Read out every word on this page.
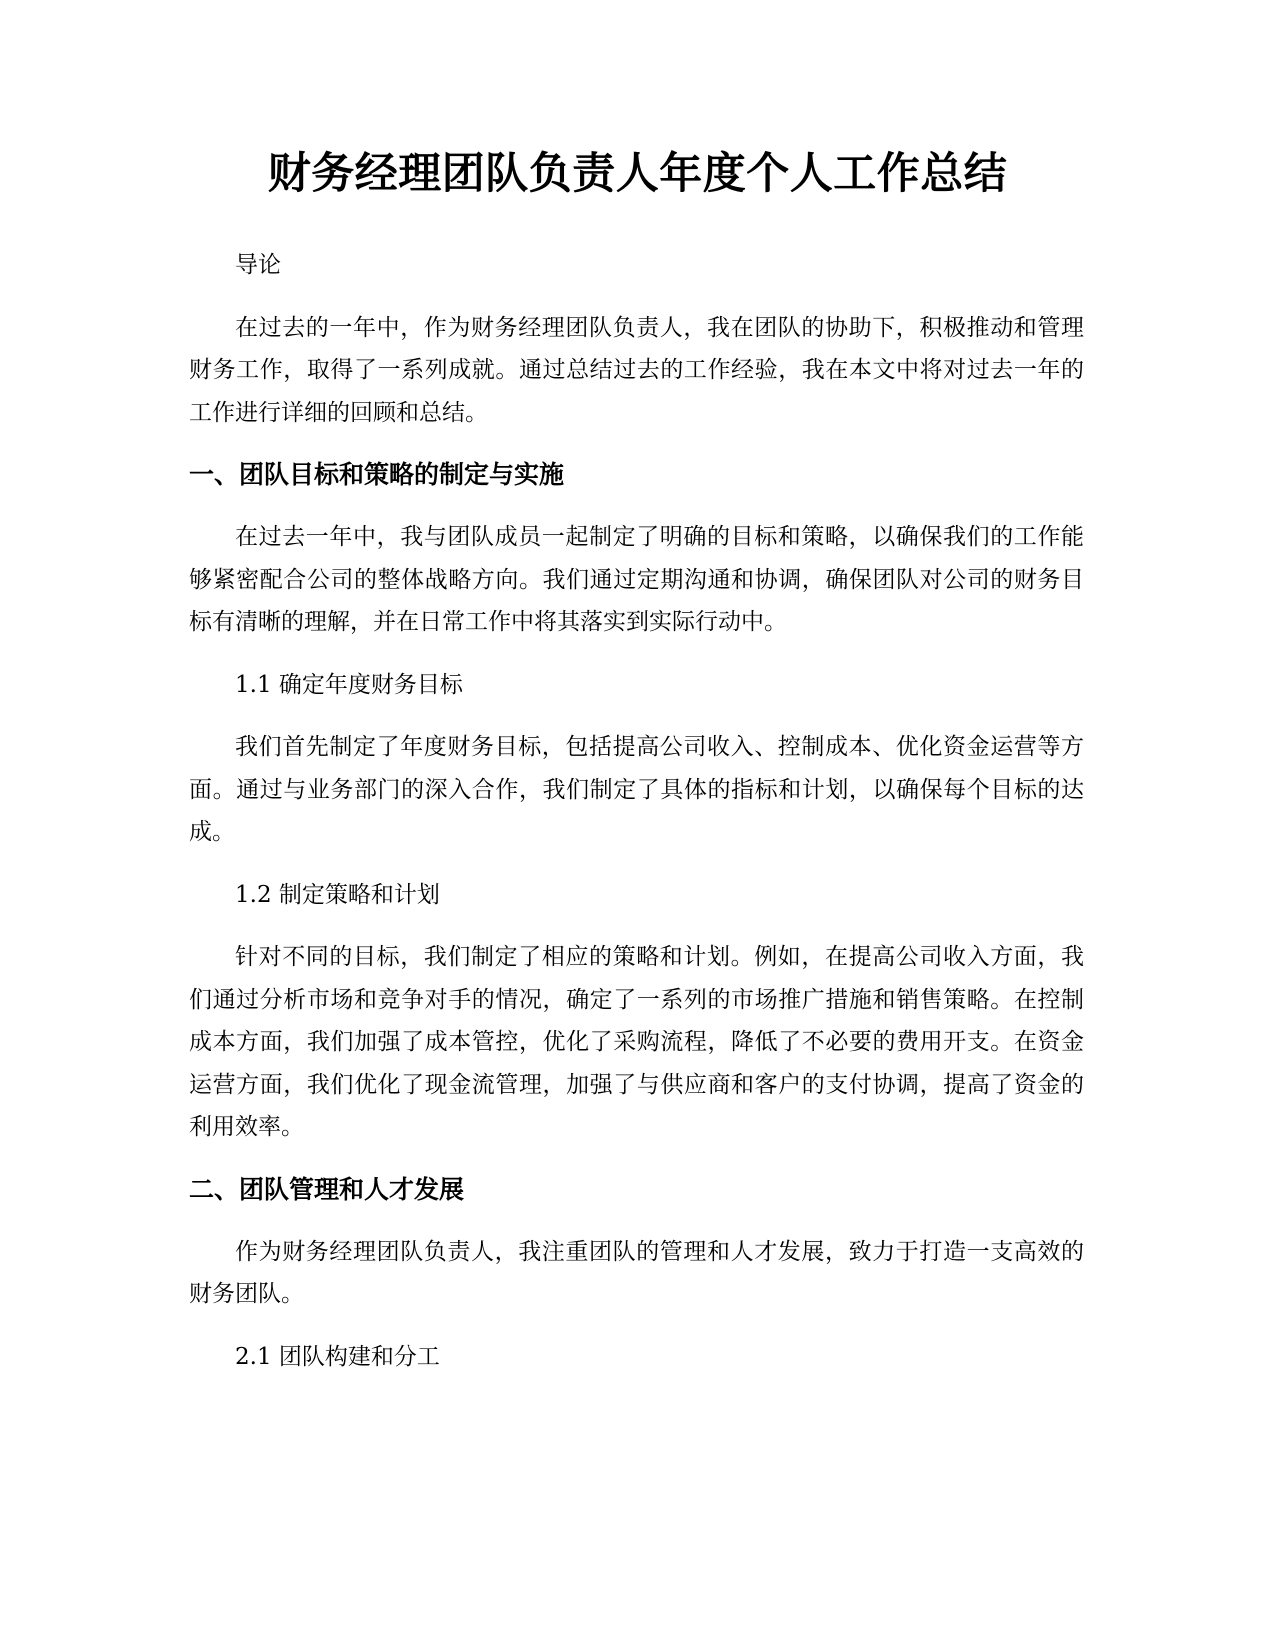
财务经理团队负责人年度个人工作总结
导论
在过去的一年中，作为财务经理团队负责人，我在团队的协助下，积极推动和管理财务工作，取得了一系列成就。通过总结过去的工作经验，我在本文中将对过去一年的工作进行详细的回顾和总结。
一、团队目标和策略的制定与实施
在过去一年中，我与团队成员一起制定了明确的目标和策略，以确保我们的工作能够紧密配合公司的整体战略方向。我们通过定期沟通和协调，确保团队对公司的财务目标有清晰的理解，并在日常工作中将其落实到实际行动中。
1.1 确定年度财务目标
我们首先制定了年度财务目标，包括提高公司收入、控制成本、优化资金运营等方面。通过与业务部门的深入合作，我们制定了具体的指标和计划，以确保每个目标的达成。
1.2 制定策略和计划
针对不同的目标，我们制定了相应的策略和计划。例如，在提高公司收入方面，我们通过分析市场和竞争对手的情况，确定了一系列的市场推广措施和销售策略。在控制成本方面，我们加强了成本管控，优化了采购流程，降低了不必要的费用开支。在资金运营方面，我们优化了现金流管理，加强了与供应商和客户的支付协调，提高了资金的利用效率。
二、团队管理和人才发展
作为财务经理团队负责人，我注重团队的管理和人才发展，致力于打造一支高效的财务团队。
2.1 团队构建和分工
